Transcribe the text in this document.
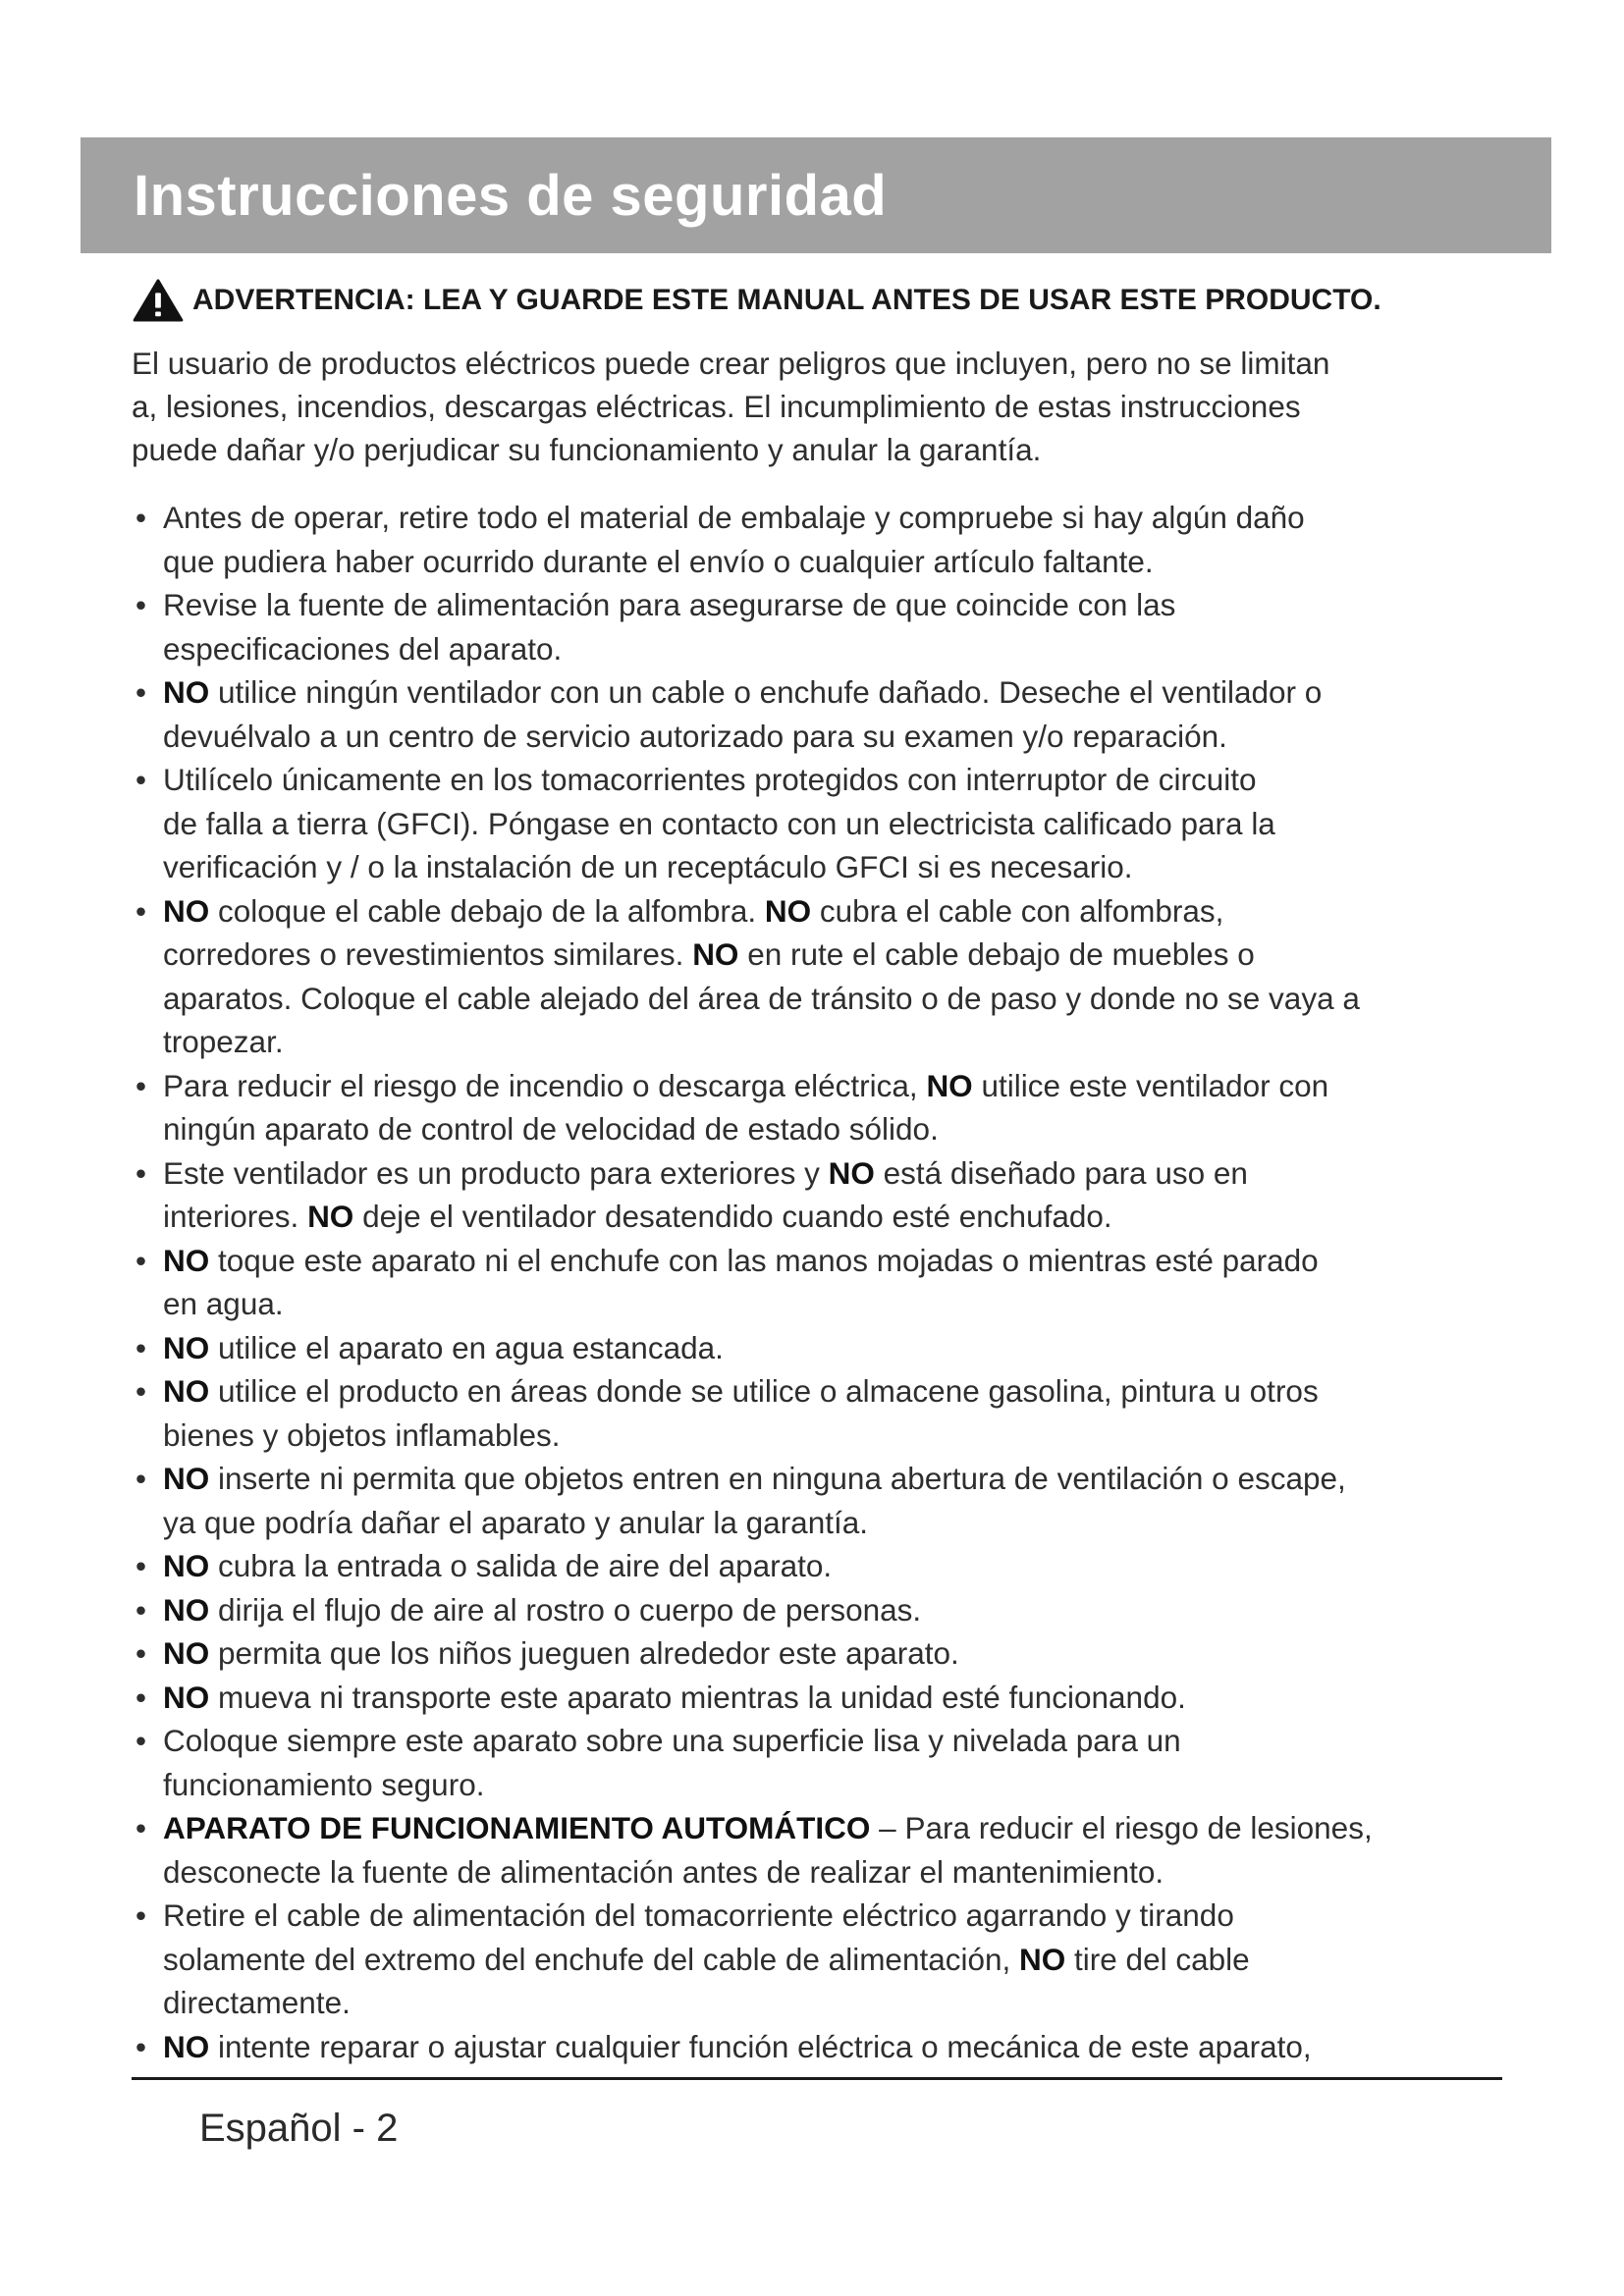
Instrucciones de seguridad
ADVERTENCIA: LEA Y GUARDE ESTE MANUAL ANTES DE USAR ESTE PRODUCTO.
El usuario de productos eléctricos puede crear peligros que incluyen, pero no se limitan
a, lesiones, incendios, descargas eléctricas. El incumplimiento de estas instrucciones
puede dañar y/o perjudicar su funcionamiento y anular la garantía.
• Antes de operar, retire todo el material de embalaje y compruebe si hay algún daño
que pudiera haber ocurrido durante el envío o cualquier artículo faltante.
• Revise la fuente de alimentación para asegurarse de que coincide con las
especificaciones del aparato.
• NO utilice ningún ventilador con un cable o enchufe dañado. Deseche el ventilador o
devuélvalo a un centro de servicio autorizado para su examen y/o reparación.
• Utilícelo únicamente en los tomacorrientes protegidos con interruptor de circuito
de falla a tierra (GFCI). Póngase en contacto con un electricista calificado para la
verificación y / o la instalación de un receptáculo GFCI si es necesario.
• NO coloque el cable debajo de la alfombra. NO cubra el cable con alfombras,
corredores o revestimientos similares. NO en rute el cable debajo de muebles o
aparatos. Coloque el cable alejado del área de tránsito o de paso y donde no se vaya a
tropezar.
• Para reducir el riesgo de incendio o descarga eléctrica, NO utilice este ventilador con
ningún aparato de control de velocidad de estado sólido.
• Este ventilador es un producto para exteriores y NO está diseñado para uso en
interiores. NO deje el ventilador desatendido cuando esté enchufado.
• NO toque este aparato ni el enchufe con las manos mojadas o mientras esté parado
en agua.
• NO utilice el aparato en agua estancada.
• NO utilice el producto en áreas donde se utilice o almacene gasolina, pintura u otros
bienes y objetos inflamables.
• NO inserte ni permita que objetos entren en ninguna abertura de ventilación o escape,
ya que podría dañar el aparato y anular la garantía.
• NO cubra la entrada o salida de aire del aparato.
• NO dirija el flujo de aire al rostro o cuerpo de personas.
• NO permita que los niños jueguen alrededor este aparato.
• NO mueva ni transporte este aparato mientras la unidad esté funcionando.
• Coloque siempre este aparato sobre una superficie lisa y nivelada para un
funcionamiento seguro.
• APARATO DE FUNCIONAMIENTO AUTOMÁTICO – Para reducir el riesgo de lesiones,
desconecte la fuente de alimentación antes de realizar el mantenimiento.
• Retire el cable de alimentación del tomacorriente eléctrico agarrando y tirando
solamente del extremo del enchufe del cable de alimentación, NO tire del cable
directamente.
• NO intente reparar o ajustar cualquier función eléctrica o mecánica de este aparato,
Español - 2
